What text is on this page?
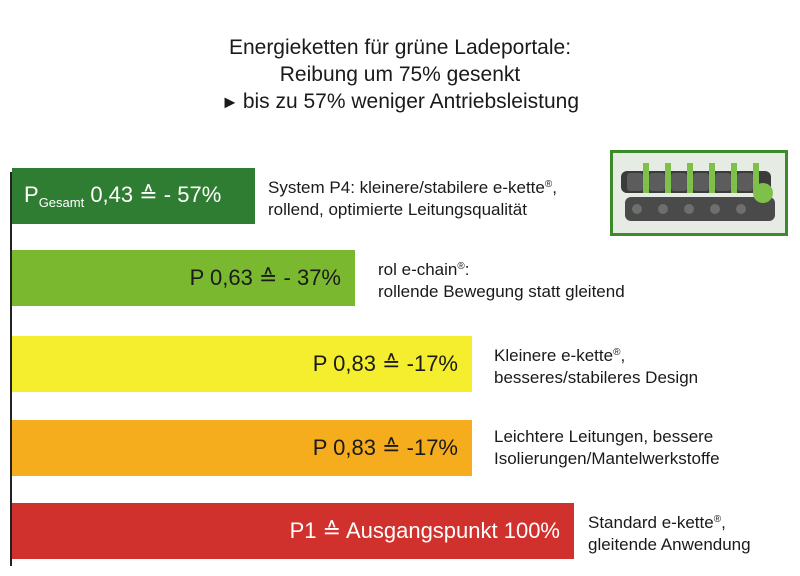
Energieketten für grüne Ladeportale:
Reibung um 75% gesenkt
► bis zu 57% weniger Antriebsleistung
$P_{Gesamt}$ 0,43 ≙ - 57%	System P4: kleinere/stabilere e-kette®,
rollend, optimierte Leitungsqualität
P 0,63 ≙ - 37% rol e-chain®:
rollende Bewegung statt gleitend
P 0,83 ≙ -17% Kleinere e-kette®,
besseres/stabileres Design
P 0,83 ≙ -17% Leichtere Leitungen, bessere
Isolierungen/Mantelwerkstoffe
P1 ≙ Ausgangspunkt 100% Standard e-kette®,
gleitende Anwendung
